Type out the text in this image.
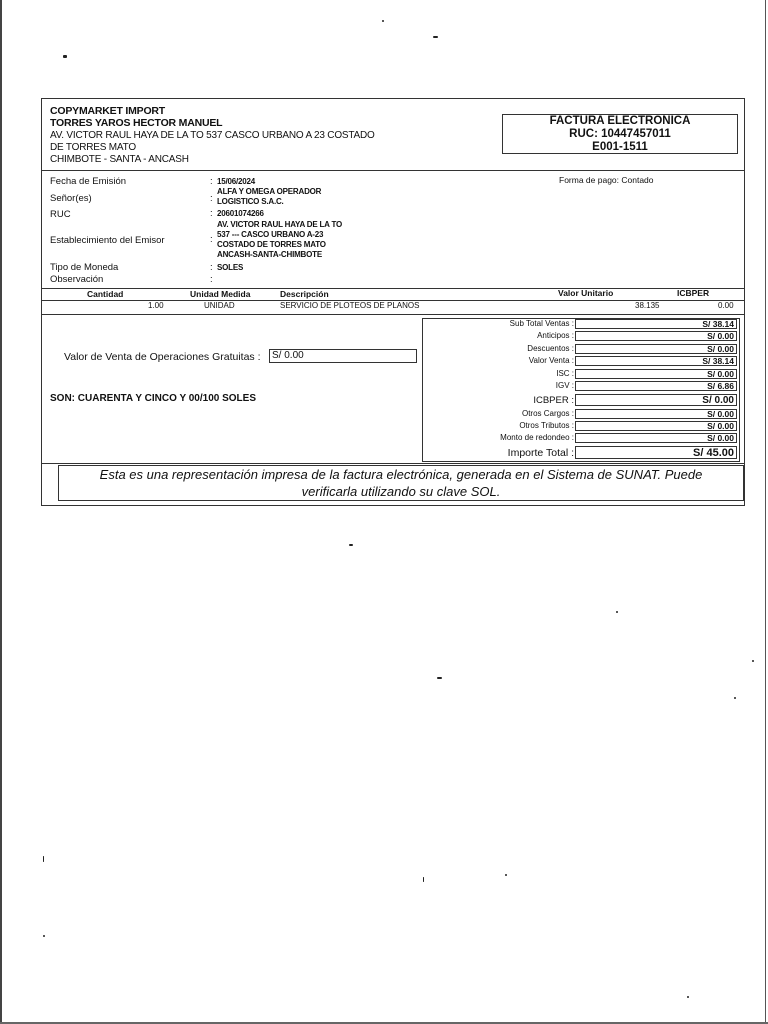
COPYMARKET IMPORT
TORRES YAROS HECTOR MANUEL
AV. VICTOR RAUL HAYA DE LA TO 537 CASCO URBANO A 23 COSTADO
DE TORRES MATO
CHIMBOTE - SANTA - ANCASH
FACTURA ELECTRONICA
RUC: 10447457011
E001-1511
Fecha de Emisión	: 15/06/2024	Forma de pago: Contado
Señor(es)	:
ALFA Y OMEGA OPERADOR
LOGISTICO S.A.C.
RUC	: 20601074266
Establecimiento del Emisor	:
AV. VICTOR RAUL HAYA DE LA TO
537 --- CASCO URBANO A-23
COSTADO DE TORRES MATO
ANCASH-SANTA-CHIMBOTE
Tipo de Moneda	: SOLES
Observación	:
Cantidad	Unidad Medida	Descripción	Valor Unitario	ICBPER
1.00	UNIDAD	SERVICIO DE PLOTEOS DE PLANOS	38.135	0.00
Valor de Venta de Operaciones Gratuitas :	S/ 0.00
SON: CUARENTA Y CINCO Y 00/100 SOLES
Sub Total Ventas :	S/ 38.14
Anticipos :	S/ 0.00
Descuentos :	S/ 0.00
Valor Venta :	S/ 38.14
ISC :	S/ 0.00
IGV :	S/ 6.86
ICBPER :	S/ 0.00
Otros Cargos :	S/ 0.00
Otros Tributos :	S/ 0.00
Monto de redondeo :	S/ 0.00
Importe Total :	S/ 45.00
Esta es una representación impresa de la factura electrónica, generada en el Sistema de SUNAT. Puede
verificarla utilizando su clave SOL.
